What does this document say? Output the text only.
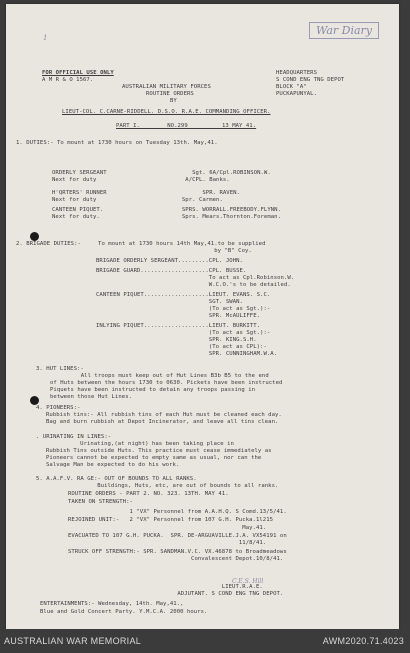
1
War Diary
FOR OFFICIAL USE ONLY
A M R & O 1567.
HEADQUARTERS
S COND ENG TNG DEPOT
BLOCK "A"
PUCKAPUNYAL.
AUSTRALIAN MILITARY FORCES
ROUTINE ORDERS
BY
LIEUT-COL. C.CARNE-RIDDELL. D.S.O. R.A.E. COMMANDING OFFICER.
PART I.        NO.299          13 MAY 41.
1. DUTIES:- To mount at 1730 hours on Tuesday 13th. May,41.
ORDERLY SERGEANT                         Sgt. 6A/Cpl.ROBINSON.W.
Next for duty                          A/CPL. Banks.
H'QRTERS' RUNNER                            SPR. RAVEN.
Next for duty                         Spr. Carmen.
CANTEEN PIQUET.                       SPRS. WORRALL.FREEBODY.FLYNN.
Next for duty.                        Sprs. Mears.Thornton.Foreman.
2. BRIGADE DUTIES:-     To mount at 1730 hours 14th May,41.to be supplied
by "B" Coy.
BRIGADE ORDERLY SERGEANT.........CPL. JOHN.
BRIGADE GUARD....................CPL. BUSSE.
To act as Cpl.Robinson.W.
W.C.O.'s to be detailed.
CANTEEN PIQUET...................LIEUT. EVANS. S.C.
SGT. SWAN.
(To act as Sgt.):-
SPR. McAULIFFE.
INLYING PIQUET...................LIEUT. BURKITT.
(To act as Sgt.):-
SPR. KING.S.H.
(To act as CPL):-
SPR. CUNNINGHAM.W.A.
3. HUT LINES:-
All troops must keep out of Hut Lines B3b B5 to the end
of Huts between the hours 1730 to 0630. Pickets have been instructed
Piquets have been instructed to detain any troops passing in
between those Hut Lines.
4. PIONEERS:-
Rubbish tins:- All rubbish tins of each Hut must be cleaned each day.
Bag and burn rubbish at Depot Incinerator, and leave all tins clean.
. URINATING IN LINES:-
Urinating,(at night) has been taking place in
Rubbish Tins outside Huts. This practice must cease immediately as
Pioneers cannot be expected to empty same as usual, nor can the
Salvage Man be expected to do his work.
5. A.A.F.V. RA GE:- OUT OF BOUNDS TO ALL RANKS.
Buildings, Huts, etc, are out of bounds to all ranks.
ROUTINE ORDERS - PART 2. NO. 323. 13TH. MAY 41.
TAKEN ON STRENGTH:-
1 "VX" Personnel from A.A.H.Q. S Comd.13/5/41.
REJOINED UNIT:-   2 "VX" Personnel from 107 G.H. Pucka.1l215
May.41.
EVACUATED TO 107 G.H. PUCKA.  SPR. DE-ARGUAVILLE.J.A. VX54191 on
11/8/41.
STRUCK OFF STRENGTH:- SPR. SANDMAN.V.C. VX.46878 to Broadmeadows
Convalescent Depot.10/8/41.
LIEUT.R.A.E.
ADJUTANT. S COND ENG TNG DEPOT.
ENTERTAINMENTS:- Wednesday, 14th. May,41.,
Blue and Gold Concert Party. Y.M.C.A. 2000 hours.
C.E.S. Hill
AUSTRALIAN WAR MEMORIAL	AWM2020.71.4023
